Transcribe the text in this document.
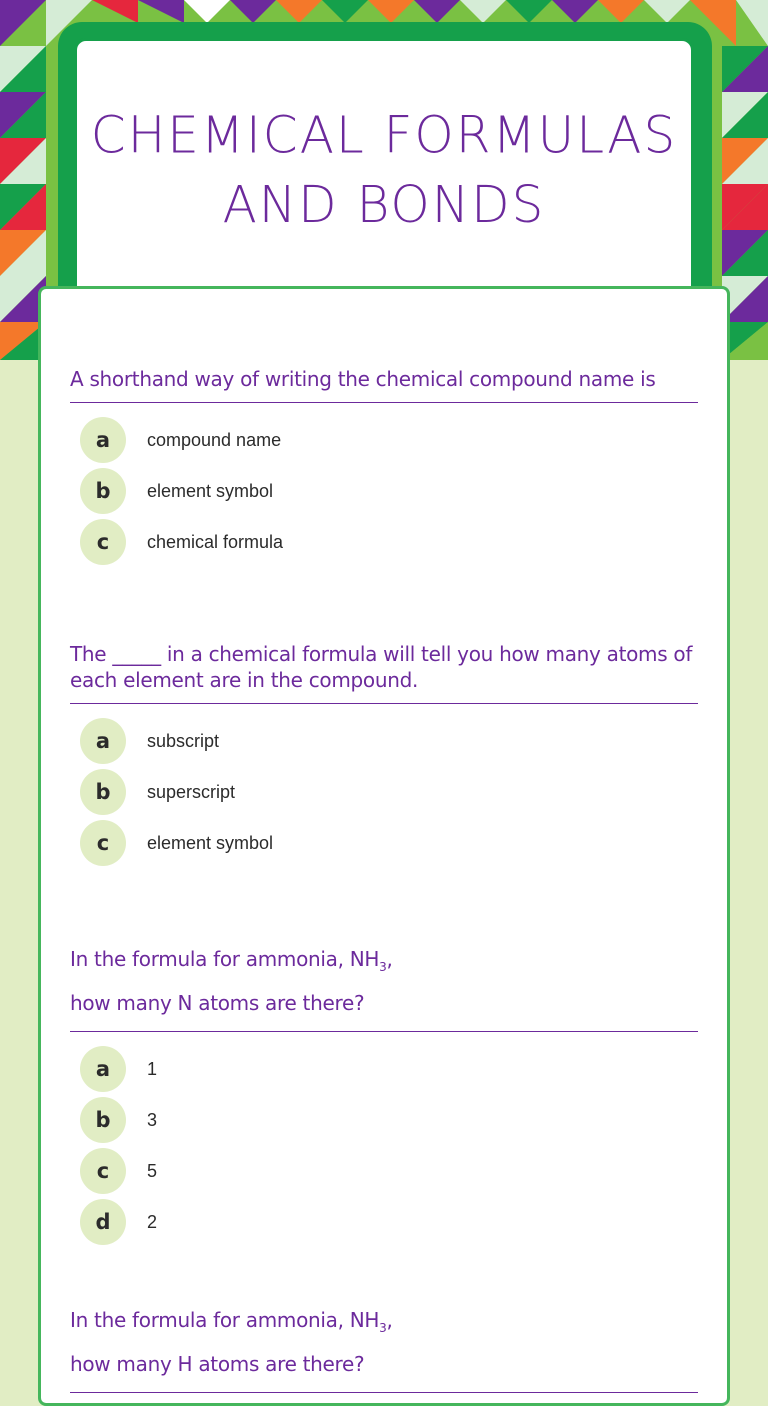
CHEMICAL FORMULAS AND BONDS
A shorthand way of writing the chemical compound name is
a	compound name
b	element symbol
c	chemical formula
The _____ in a chemical formula will tell you how many atoms of each element are in the compound.
a	subscript
b	superscript
c	element symbol
In the formula for ammonia, $NH_3$,
how many N atoms are there?
a	1
b	3
c	5
d	2
In the formula for ammonia, $NH_3$,
how many H atoms are there?
